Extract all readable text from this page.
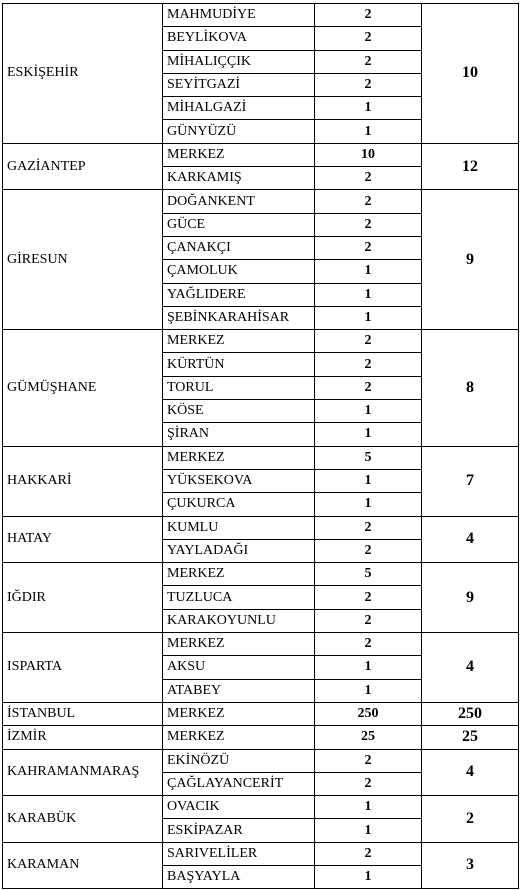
ESKİŞEHİR	MAHMUDİYE	2	10
	BEYLİKOVA	2	
	MİHALIÇÇIK	2	
	SEYİTGAZİ	2	
	MİHALGAZİ	1	
	GÜNYÜZÜ	1	
GAZİANTEP	MERKEZ	10	12
	KARKAMIŞ	2	
GİRESUN	DOĞANKENT	2	9
	GÜCE	2	
	ÇANAKÇI	2	
	ÇAMOLUK	1	
	YAĞLIDERE	1	
	ŞEBİNKARAHİSAR	1	
GÜMÜŞHANE	MERKEZ	2	8
	KÜRTÜN	2	
	TORUL	2	
	KÖSE	1	
	ŞİRAN	1	
HAKKARİ	MERKEZ	5	7
	YÜKSEKOVA	1	
	ÇUKURCA	1	
HATAY	KUMLU	2	4
	YAYLADAĞI	2	
IĞDIR	MERKEZ	5	9
	TUZLUCA	2	
	KARAKOYUNLU	2	
ISPARTA	MERKEZ	2	4
	AKSU	1	
	ATABEY	1	
İSTANBUL	MERKEZ	250	250
İZMİR	MERKEZ	25	25
KAHRAMANMARAŞ	EKİNÖZÜ	2	4
	ÇAĞLAYANCERİT	2	
KARABÜK	OVACIK	1	2
	ESKİPAZAR	1	
KARAMAN	SARIVELİLER	2	3
	BAŞYAYLA	1	
